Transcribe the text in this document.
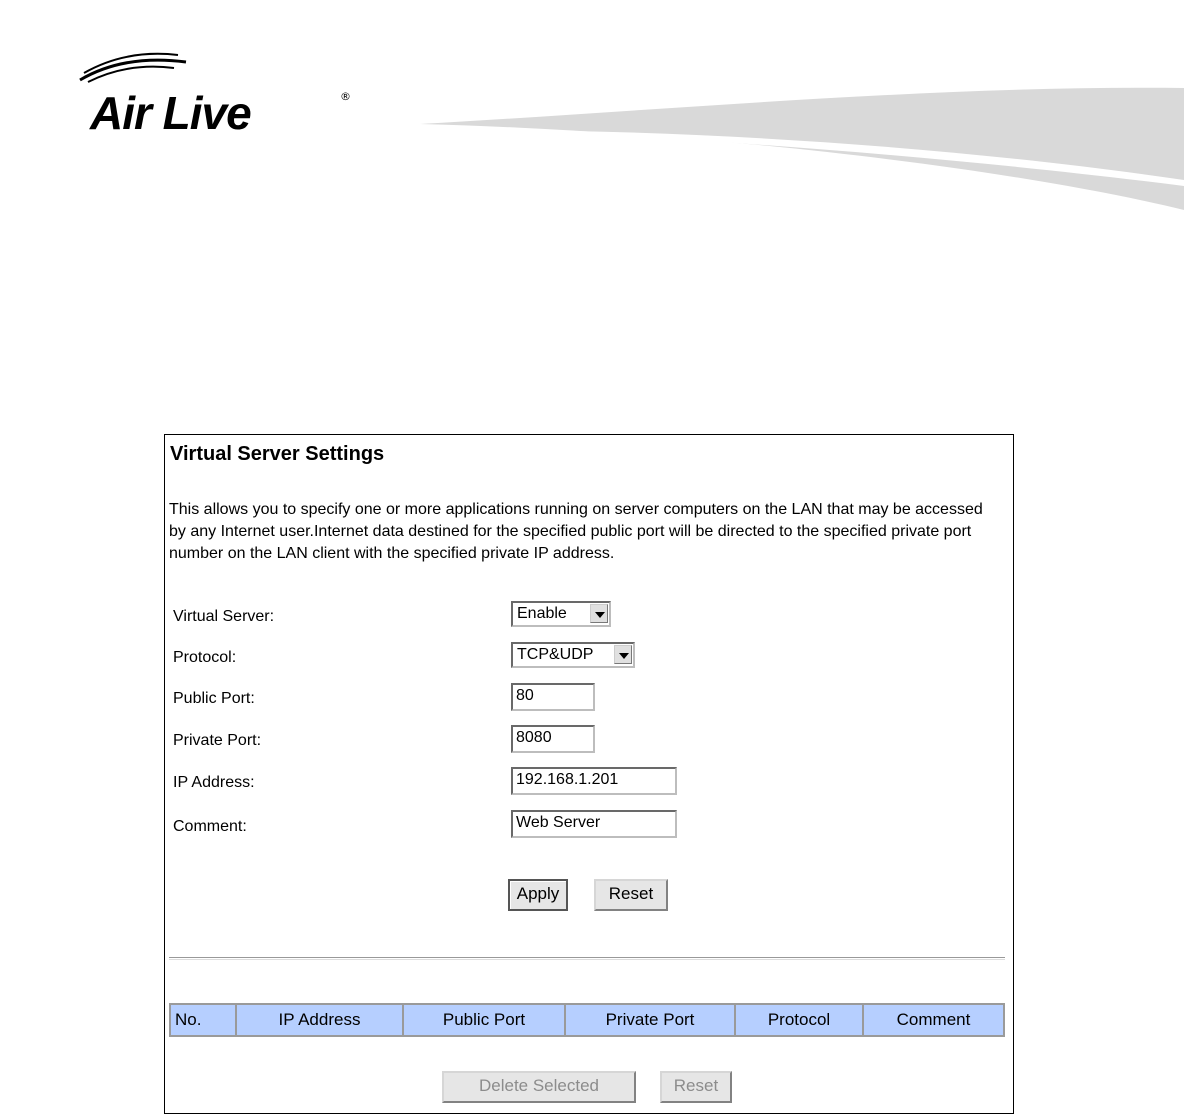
Air Live	®
Virtual Server Settings
This allows you to specify one or more applications running on server computers on the LAN that may be accessed by any Internet user.Internet data destined for the specified public port will be directed to the specified private port number on the LAN client with the specified private IP address.
Virtual Server:	Enable
Protocol:	TCP&UDP
Public Port:	80
Private Port:	8080
IP Address:	192.168.1.201
Comment:	Web Server
Apply	Reset
No.	IP Address	Public Port	Private Port	Protocol	Comment
Delete Selected	Reset
